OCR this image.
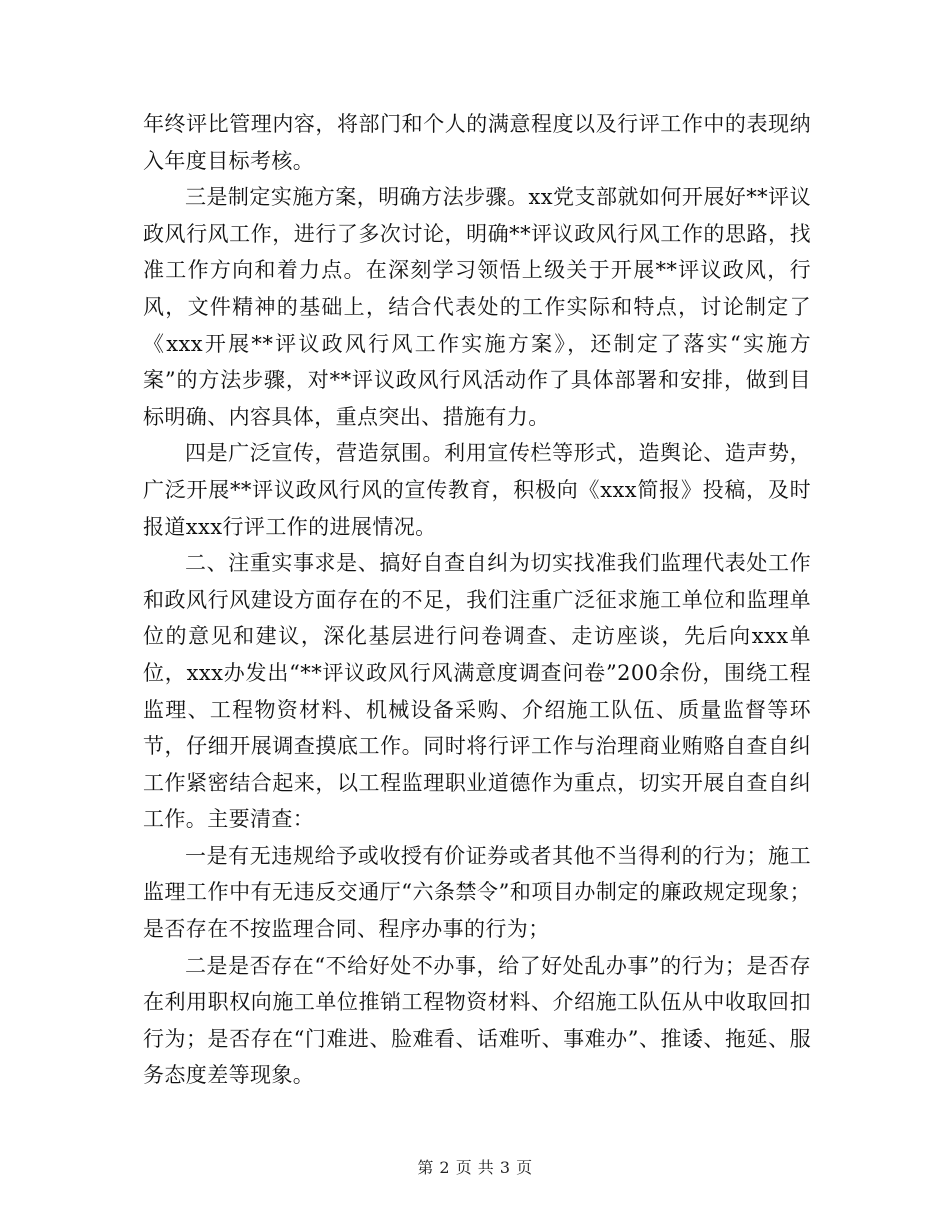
年终评比管理内容，将部门和个人的满意程度以及行评工作中的表现纳入年度目标考核。

三是制定实施方案，明确方法步骤。xx党支部就如何开展好**评议政风行风工作，进行了多次讨论，明确**评议政风行风工作的思路，找准工作方向和着力点。在深刻学习领悟上级关于开展**评议政风，行风，文件精神的基础上，结合代表处的工作实际和特点，讨论制定了《xxx开展**评议政风行风工作实施方案》，还制定了落实“实施方案”的方法步骤，对**评议政风行风活动作了具体部署和安排，做到目标明确、内容具体，重点突出、措施有力。

四是广泛宣传，营造氛围。利用宣传栏等形式，造舆论、造声势，广泛开展**评议政风行风的宣传教育，积极向《xxx简报》投稿，及时报道xxx行评工作的进展情况。

二、注重实事求是、搞好自查自纠为切实找准我们监理代表处工作和政风行风建设方面存在的不足，我们注重广泛征求施工单位和监理单位的意见和建议，深化基层进行问卷调查、走访座谈，先后向xxx单位，xxx办发出“**评议政风行风满意度调查问卷”200余份，围绕工程监理、工程物资材料、机械设备采购、介绍施工队伍、质量监督等环节，仔细开展调查摸底工作。同时将行评工作与治理商业贿赂自查自纠工作紧密结合起来，以工程监理职业道德作为重点，切实开展自查自纠工作。主要清查：

一是有无违规给予或收授有价证券或者其他不当得利的行为；施工监理工作中有无违反交通厅“六条禁令”和项目办制定的廉政规定现象；是否存在不按监理合同、程序办事的行为；

二是是否存在“不给好处不办事，给了好处乱办事”的行为；是否存在利用职权向施工单位推销工程物资材料、介绍施工队伍从中收取回扣行为；是否存在“门难进、脸难看、话难听、事难办”、推诿、拖延、服务态度差等现象。

第 2 页 共 3 页
